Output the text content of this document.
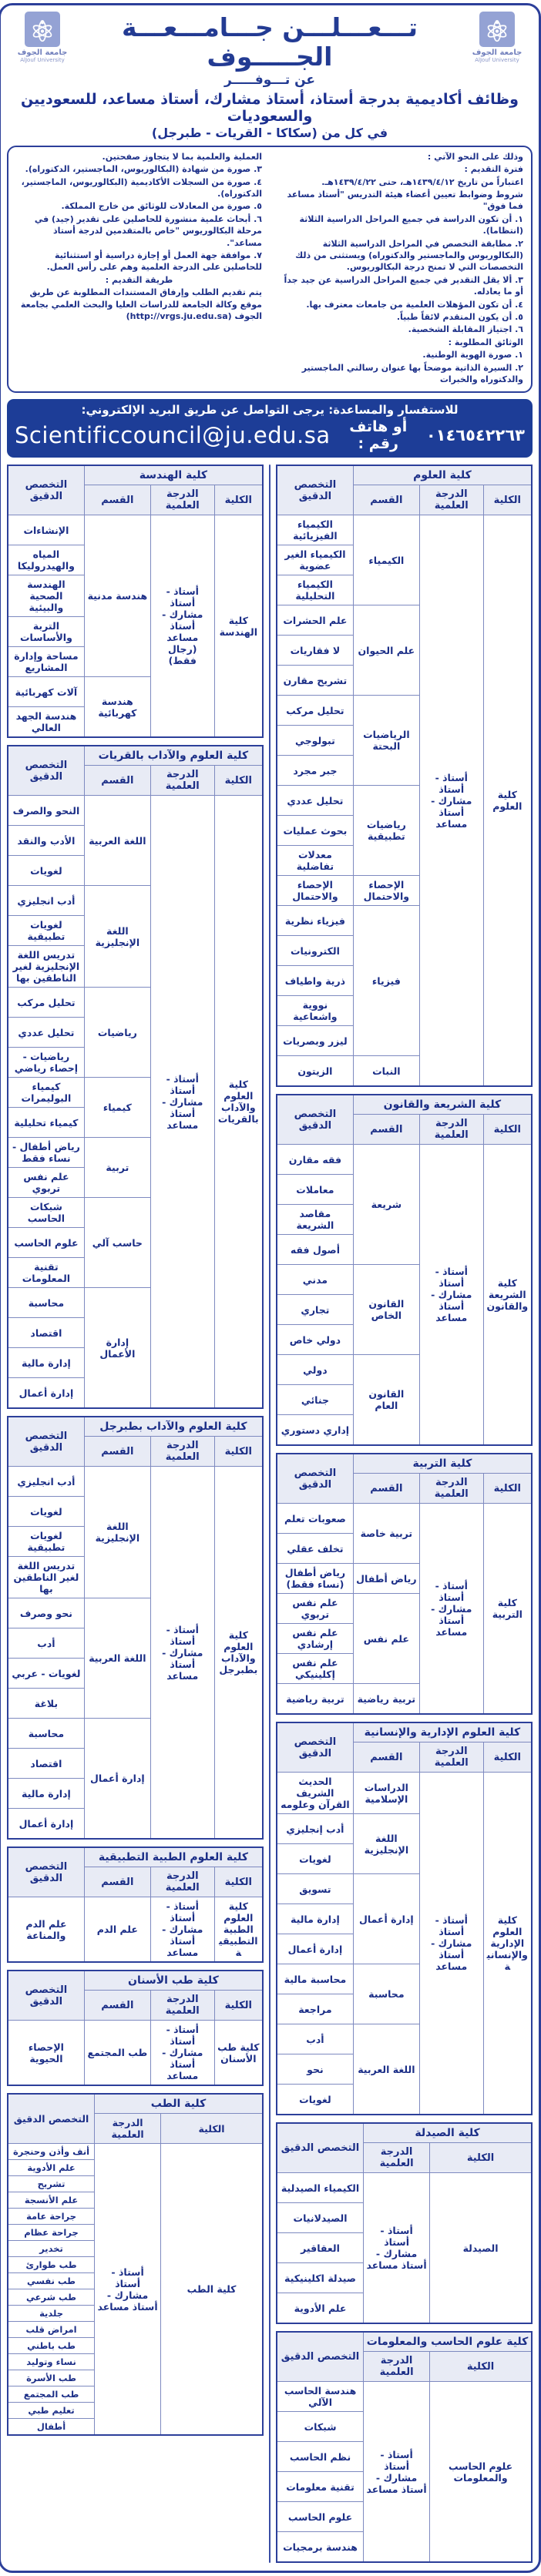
جامعة الجوف
AlJouf University
تـــعـــلـــن جـــامـــعـــة الجـــــوف
عن تـــوفـــــر
جامعة الجوف
AlJouf University
وظائف أكاديمية بدرجة أستاذ، أستاذ مشارك، أستاذ مساعد، للسعوديين والسعوديات
في كل من (سكاكا - القريات - طبرجل)

وذلك على النحو الآتي :

فترة التقديم :

اعتباراً من تاريخ ١٤٣٩/٤/١٢هـ، حتى ١٤٣٩/٤/٢٢هـ.

شروط وضوابط تعيين أعضاء هيئة التدريس "أستاذ مساعد فما فوق"

١. أن تكون الدراسة في جميع المراحل الدراسية الثلاثة (انتظاما).

٢. مطابقة التخصص في المراحل الدراسية الثلاثة (البكالوريوس والماجستير والدكتوراه) ويستثنى من ذلك التخصصات التي لا تمنح درجة البكالوريوس.

٣. ألا يقل التقدير في جميع المراحل الدراسية عن جيد جداً أو ما يعادله.

٤. أن تكون المؤهلات العلمية من جامعات معترف بها.

٥. أن يكون المتقدم لائقاً طبياً.

٦. اجتياز المقابلة الشخصية.

الوثائق المطلوبة :

١. صورة الهوية الوطنية.

٢. السيرة الذاتية موضحاً بها عنوان رسالتي الماجستير والدكتوراه والخبرات

العملية والعلمية بما لا يتجاوز صفحتين.

٣. صورة من شهادة (البكالوريوس، الماجستير، الدكتوراه).

٤. صورة من السجلات الأكاديمية (البكالوريوس، الماجستير، الدكتوراه).

٥. صورة من المعادلات للوثائق من خارج المملكة.

٦. أبحاث علمية منشورة للحاصلين على تقدير (جيد) في مرحلة البكالوريوس "خاص بالمتقدمين لدرجة أستاذ مساعد".

٧. موافقة جهة العمل أو إجازة دراسية أو استثنائية للحاصلين على الدرجة العلمية وهم على رأس العمل.

طريقة التقديم :

يتم تقديم الطلب وإرفاق المستندات المطلوبة عن طريق موقع وكالة الجامعة للدراسات العليا والبحث العلمي بجامعة الجوف (http://vrgs.ju.edu.sa)

للاستفسار والمساعدة: يرجى التواصل عن طريق البريد الإلكتروني:
Scientificcouncil@ju.edu.sa	أو هاتف رقم :	٠١٤٦٥٤٢٢٦٣
كلية العلوم			التخصص الدقيق
الكلية	الدرجة العلمية	القسم	
كلية العلوم	أستاذ - أستاذ مشارك - أستاذ مساعد	الكيمياء	الكيمياء الفيزيائية
			الكيمياء الغير عضوية
			الكيمياء التحليلية
		علم الحيوان	علم الحشرات
			لا فقاريات
			تشريح مقارن
		الرياضيات البحتة	تحليل مركب
			تبولوجي
			جبر مجرد
		رياضيات تطبيقية	تحليل عددي
			بحوث عمليات
			معدلات تفاضلية
		الإحصاء والاحتمال	الإحصاء والاحتمال
		فيزياء	فيزياء نظرية
			الكترونيات
			ذرية واطياف
			نووية واشعاعية
			ليزر وبصريات
		النبات	الزيتون
كلية الشريعة والقانون			التخصص الدقيق
الكلية	الدرجة العلمية	القسم	
كلية الشريعة والقانون	أستاذ - أستاذ مشارك - أستاذ مساعد	شريعة	فقه مقارن
			معاملات
			مقاصد الشريعة
			أصول فقه
		القانون الخاص	مدني
			تجاري
			دولي خاص
		القانون العام	دولي
			جنائي
			إداري دستوري
كلية التربية			التخصص الدقيق
الكلية	الدرجة العلمية	القسم	
كلية التربية	أستاذ - أستاذ مشارك - أستاذ مساعد	تربية خاصة	صعوبات تعلم
			تخلف عقلي
		رياض أطفال	رياض أطفال (نساء فقط)
		علم نفس	علم نفس تربوي
			علم نفس إرشادي
			علم نفس إكلينيكي
		تربية رياضية	تربية رياضية
كلية العلوم الإدارية والإنسانية			التخصص الدقيق
الكلية	الدرجة العلمية	القسم	
كلية العلوم الإدارية والإنسانية	أستاذ - أستاذ مشارك - أستاذ مساعد	الدراسات الإسلامية	الحديث الشريف القرآن وعلومه
		اللغة الإنجليزية	أدب إنجليزي
			لغويات
		إدارة أعمال	تسويق
			إدارة مالية
			إدارة أعمال
		محاسبة	محاسبة مالية
			مراجعة
		اللغة العربية	أدب
			نحو
			لغويات
كلية الصيدلة		التخصص الدقيق
الكلية	الدرجة العلمية	
الصيدلة	أستاذ - أستاذ مشارك - أستاذ مساعد	الكيمياء الصيدلية
		الصيدلانيات
		العقاقير
		صيدلة اكلينيكية
		علم الأدوية
كلية علوم الحاسب والمعلومات		التخصص الدقيق
الكلية	الدرجة العلمية	
علوم الحاسب والمعلومات	أستاذ - أستاذ مشارك - أستاذ مساعد	هندسة الحاسب الآلي
		شبكات
		نظم الحاسب
		تقنية معلومات
		علوم الحاسب
		هندسة برمجيات
كلية الهندسة			التخصص الدقيق
الكلية	الدرجة العلمية	القسم	
كلية الهندسة	أستاذ - أستاذ مشارك - أستاذ مساعد (رجال فقط)	هندسة مدنية	الإنشاءات
			المياه والهيدروليكا
			الهندسة الصحية والبيئية
			التربة والأساسات
			مساحة وإدارة المشاريع
		هندسة كهربائية	آلات كهربائية
			هندسة الجهد العالي
كلية العلوم والآداب بالقريات			التخصص الدقيق
الكلية	الدرجة العلمية	القسم	
كلية العلوم والآداب بالقريات	أستاذ - أستاذ مشارك - أستاذ مساعد	اللغة العربية	النحو والصرف
			الأدب والنقد
			لغويات
		اللغة الإنجليزية	أدب انجليزي
			لغويات تطبيقية
			تدريس اللغة الإنجليزية لغير الناطقين بها
		رياضيات	تحليل مركب
			تحليل عددي
			رياضيات - إحصاء رياضي
		كيمياء	كيمياء البوليمرات
			كيمياء تحليلية
		تربية	رياض أطفال - نساء فقط
			علم نفس تربوي
		حاسب آلي	شبكات الحاسب
			علوم الحاسب
			تقنية المعلومات
		إدارة الأعمال	محاسبة
			اقتصاد
			إدارة مالية
			إدارة أعمال
كلية العلوم والآداب بطبرجل			التخصص الدقيق
الكلية	الدرجة العلمية	القسم	
كلية العلوم والآداب بطبرجل	أستاذ - أستاذ مشارك - أستاذ مساعد	اللغة الإنجليزية	أدب انجليزي
			لغويات
			لغويات تطبيقية
			تدريس اللغة لغير الناطقين بها
		اللغة العربية	نحو وصرف
			أدب
			لغويات - عربي
			بلاغة
		إدارة أعمال	محاسبة
			اقتصاد
			إدارة مالية
			إدارة أعمال
كلية العلوم الطبية التطبيقية			التخصص الدقيق
الكلية	الدرجة العلمية	القسم	
كلية العلوم الطبية التطبيقية	أستاذ - أستاذ مشارك - أستاذ مساعد	علم الدم	علم الدم والمناعة
كلية طب الأسنان			التخصص الدقيق
الكلية	الدرجة العلمية	القسم	
كلية طب الأسنان	أستاذ - أستاذ مشارك - أستاذ مساعد	طب المجتمع	الإحصاء الحيوية
كلية الطب		التخصص الدقيق
الكلية	الدرجة العلمية	
كلية الطب	أستاذ - أستاذ مشارك - أستاذ مساعد	أنف وأذن وحنجرة
		علم الأدوية
		تشريح
		علم الأنسجة
		جراحة عامة
		جراحة عظام
		تخدير
		طب طوارئ
		طب نفسي
		طب شرعي
		جلدية
		امراض قلب
		طب باطني
		نساء وتوليد
		طب الأسرة
		طب المجتمع
		تعليم طبي
		أطفال
